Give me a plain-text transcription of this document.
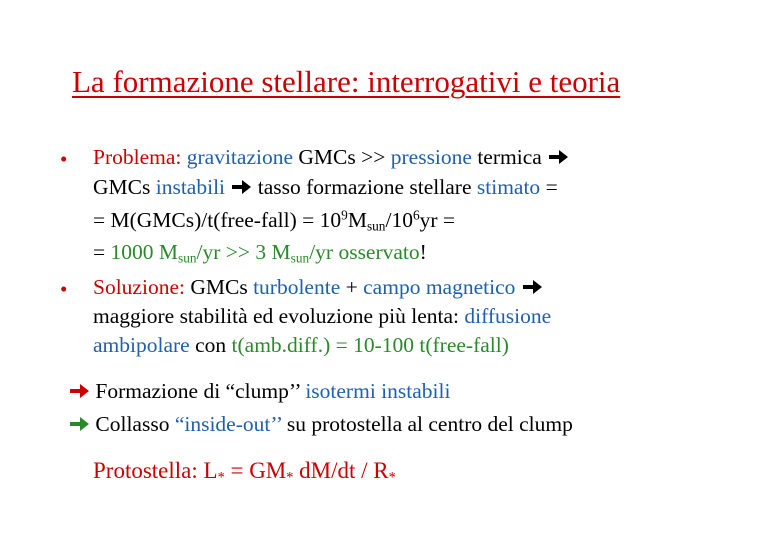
La formazione stellare: interrogativi e teoria
• Problema: gravitazione GMCs >> pressione termica
GMCs instabili
tasso formazione stellare stimato =
= M(GMCs)/t(free-fall) = $10^9M_{sun}/10^6yr$ =
= 1000 $M_{sun}/yr >> 3$ $M_{sun}/yr$ osservato!
• Soluzione: GMCs turbolente + campo magnetico
maggiore stabilità ed evoluzione più lenta: diffusione
ambipolare con t(amb.diff.) = 10-100 t(free-fall)
Formazione di “clump’’ isotermi instabili
Collasso “inside-out’’ su protostella al centro del clump
Protostella: $L_* = GM_*$ $dM/dt / R_*$
